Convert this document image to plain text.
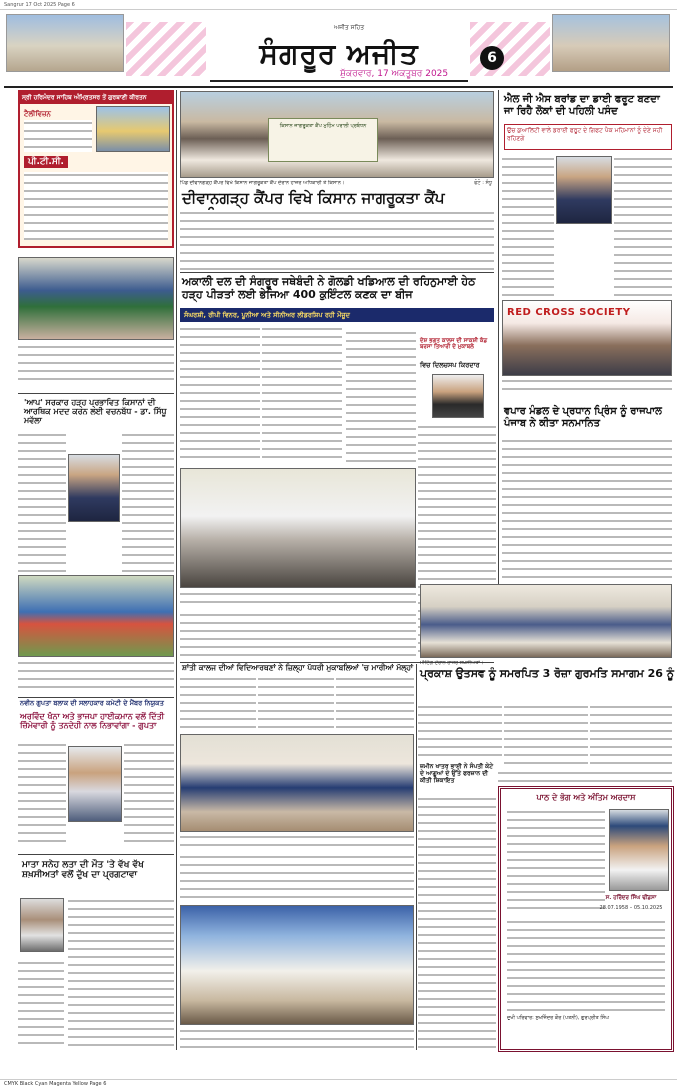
Sangrur 17 Oct 2025 Page 6
ਅਜੀਤ ਸਹਿਤ
ਸੰਗਰੂਰ ਅਜੀਤ
ਸ਼ੁੱਕਰਵਾਰ, 17 ਅਕਤੂਬਰ 2025
6
ਸ੍ਰੀ ਹਰਿਮੰਦਰ ਸਾਹਿਬ ਅੰਮ੍ਰਿਤਸਰ ਤੋਂ ਗੁਰਬਾਣੀ ਕੀਰਤਨ
ਟੈਲੀਵਿਜ਼ਨ
ਪੀ.ਟੀ.ਸੀ.
'ਆਪ' ਸਰਕਾਰ ਹੜ੍ਹ ਪ੍ਰਭਾਵਿਤ ਕਿਸਾਨਾਂ ਦੀ ਆਰਥਿਕ ਮਦਦ ਕਰਨ ਲਈ ਵਚਨਬੱਧ - ਡਾ. ਸਿੱਧੂ ਮਵੱਲਾ
ਨਵੀਨ ਗੁਪਤਾ ਬਲਾਕ ਦੀ ਸਲਾਹਕਾਰ ਕਮੇਟੀ ਦੇ ਮੈਂਬਰ ਨਿਯੁਕਤ
ਅਰਵਿੰਦ ਖੰਨਾ ਅਤੇ ਭਾਜਪਾ ਹਾਈਕਮਾਨ ਵਲੋਂ ਦਿੱਤੀ ਜ਼ਿੰਮੇਵਾਰੀ ਨੂੰ ਤਨਦੇਹੀ ਨਾਲ ਨਿਭਾਵਾਂਗਾ - ਗੁਪਤਾ
ਮਾਤਾ ਸਨੇਹ ਲਤਾ ਦੀ ਮੌਤ 'ਤੇ ਵੱਖ ਵੱਖ ਸ਼ਖ਼ਸੀਅਤਾਂ ਵਲੋਂ ਦੁੱਖ ਦਾ ਪ੍ਰਗਟਾਵਾ
ਕਿਸਾਨ ਜਾਗਰੂਕਤਾ ਕੈਂਪ ਮੁਹਿੰਮ ਪਰਾਲੀ ਪ੍ਰਬੰਧਨ
ਪਿੰਡ ਦੀਵਾਨਗੜ੍ਹ ਕੈਂਪਰ ਵਿਖੇ ਕਿਸਾਨ ਜਾਗਰੂਕਤਾ ਕੈਂਪ ਦੌਰਾਨ ਹਾਜ਼ਰ ਅਧਿਕਾਰੀ ਤੇ ਕਿਸਾਨ।	ਫੋਟੋ : ਸੰਧੂ
ਦੀਵਾਨਗੜ੍ਹ ਕੈਂਪਰ ਵਿਖੇ ਕਿਸਾਨ ਜਾਗਰੂਕਤਾ ਕੈਂਪ
ਅਕਾਲੀ ਦਲ ਦੀ ਸੰਗਰੂਰ ਜਥੇਬੰਦੀ ਨੇ ਗੋਲਡੀ ਖਡਿਆਲ ਦੀ ਰਹਿਨੁਮਾਈ ਹੇਠ ਹੜ੍ਹ ਪੀੜਤਾਂ ਲਈ ਭੇਜਿਆ 400 ਕੁਇੰਟਲ ਕਣਕ ਦਾ ਬੀਜ
ਸੰਘਰਸ਼ੀ, ਰੀਪੀ ਵਿਨਰ, ਪੂਨੀਆ ਅਤੇ ਸੀਨੀਅਰ ਲੀਡਰਸ਼ਿਪ ਰਹੀ ਮੌਜੂਦ
ਦੇਸ਼ ਭਗਤ ਕਾਲਜ ਦੀ ਸਾਕਸ਼ੀ ਕੰਡ ਬਰਸਾ ਤਿਆਰੀ ਦੇ ਮੁਕਾਬਲੇ
ਵਿਚ ਦਿਲਚਸਪ ਕਿਰਦਾਰ
ਸ਼ਾਂਤੀ ਕਾਲਜ ਦੀਆਂ ਵਿਦਿਆਰਥਣਾਂ ਨੇ ਜ਼ਿਲ੍ਹਾ ਪੱਧਰੀ ਮੁਕਾਬਲਿਆਂ 'ਚ ਮਾਰੀਆਂ ਮੱਲ੍ਹਾਂ
ਜ਼ਮੀਨ ਖਾਤਰ ਭਾਈ ਨੇ ਸੰਪਤੀ ਕੇਟੇ ਦੇ ਆਗੂਆਂ ਦੇ ਉੱਤੇ ਫਰਜ਼ਾਨ ਦੀ ਕੀਤੀ ਸ਼ਿਕਾਇਤ
ਐਲ ਜੀ ਐਸ ਬਰਾਂਡ ਦਾ ਡਾਈ ਫਰੂਟ ਬਣਦਾ ਜਾ ਰਿਹੈ ਲੋਕਾਂ ਦੀ ਪਹਿਲੀ ਪਸੰਦ
ਉਚ ਕੁਆਲਿਟੀ ਵਾਲੇ ਡਰਾਈ ਫਰੂਟ ਦੇ ਗਿਫਟ ਪੈਕ ਮਹਿਮਾਨਾਂ ਨੂੰ ਦੇਣੇ ਸਹੀ ਰਹਿਣਗੇ
RED CROSS SOCIETY
ਵਪਾਰ ਮੰਡਲ ਦੇ ਪ੍ਰਧਾਨ ਪ੍ਰਿੰਸ ਨੂੰ ਰਾਜਪਾਲ ਪੰਜਾਬ ਨੇ ਕੀਤਾ ਸਨਮਾਨਿਤ
ਮੀਟਿੰਗ ਦੌਰਾਨ ਹਾਜ਼ਰ ਸ਼ਖ਼ਸੀਅਤਾਂ।
ਪ੍ਰਕਾਸ਼ ਉਤਸਵ ਨੂੰ ਸਮਰਪਿਤ 3 ਰੋਜ਼ਾ ਗੁਰਮਤਿ ਸਮਾਗਮ 26 ਨੂੰ
ਪਾਠ ਦੇ ਭੋਗ ਅਤੇ ਅੰਤਿਮ ਅਰਦਾਸ
ਸ. ਹਰਿੰਦਰ ਸਿੰਘ ਢੀਂਡਸਾ
28.07.1958 – 05.10.2025
ਦੁਖੀ ਪਰਿਵਾਰ: ਸੁਖਜਿੰਦਰ ਕੌਰ (ਪਤਨੀ), ਗੁਰਪ੍ਰੀਤ ਸਿੰਘ
CMYK Black Cyan Magenta Yellow Page 6
